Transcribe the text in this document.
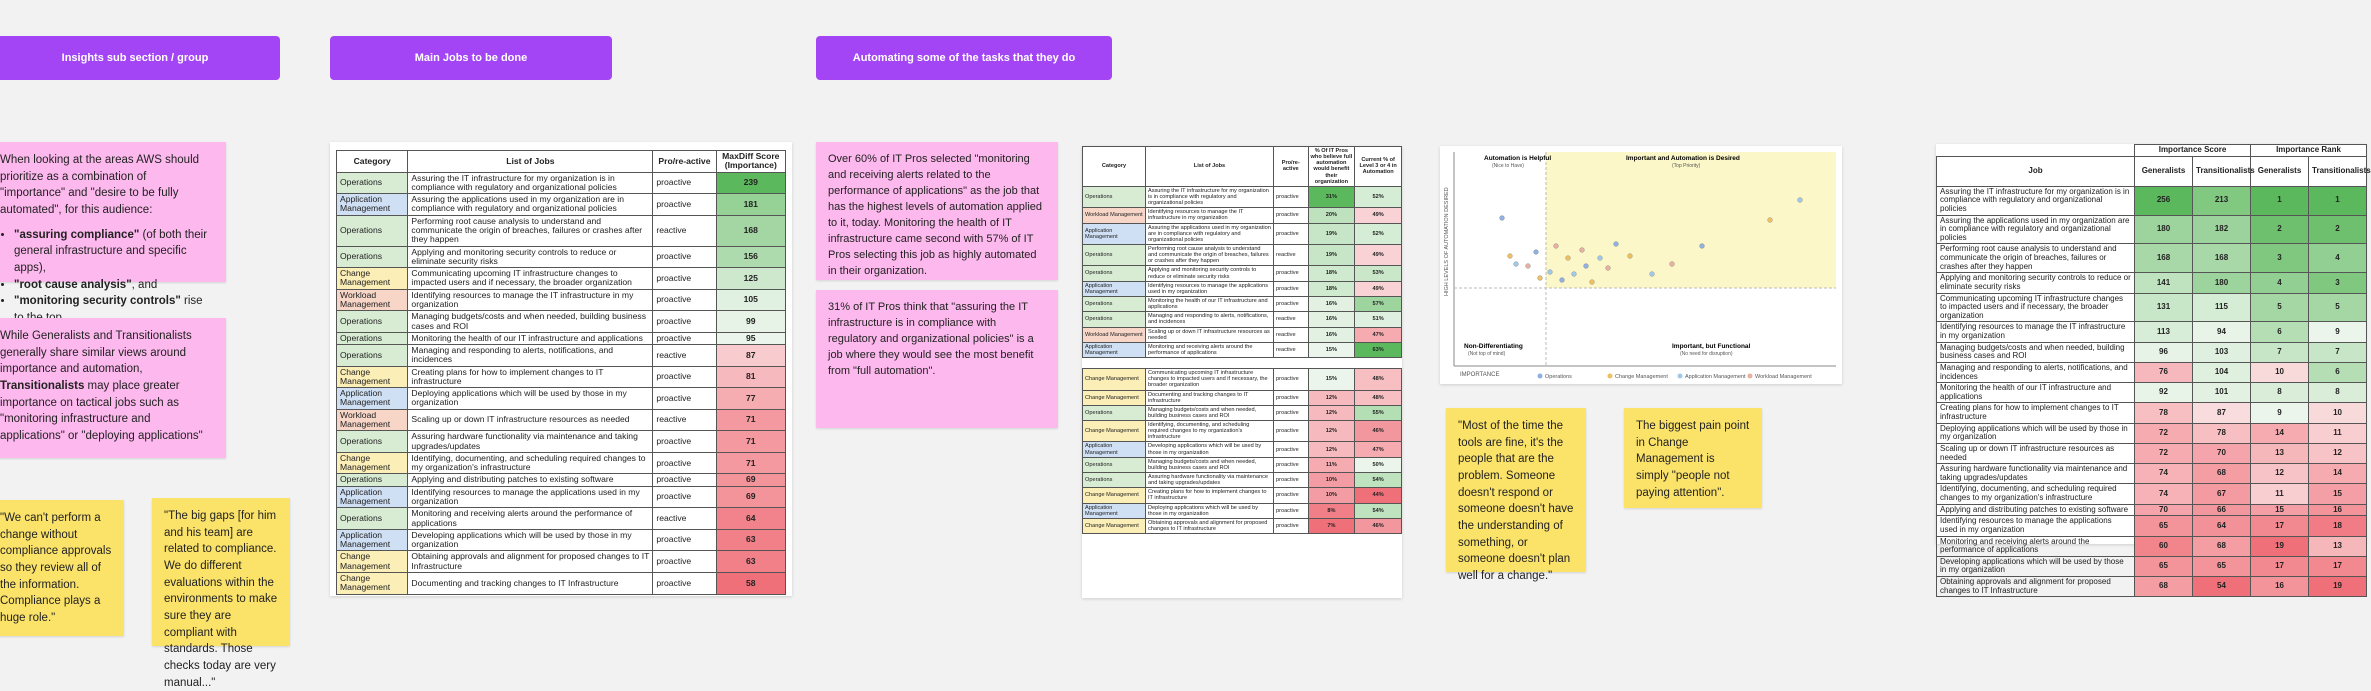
Insights sub section / group	Main Jobs to be done	Automating some of the tasks that they do

When looking at the areas AWS should prioritize as a combination of "importance" and "desire to be fully automated", for this audience:

• "assuring compliance" (of both their general infrastructure and specific apps),
• "root cause analysis", and
• "monitoring security controls" rise
While Generalists and Transitionalists generally share similar views around importance and automation, Transitionalists may place greater importance on tactical jobs such as "monitoring infrastructure and applications" or "deploying applications"
"We can't perform a change without compliance approvals so they review all of the information. Compliance plays a huge role."
"The big gaps [for him and his team] are related to compliance. We do different evaluations within the environments to make sure they are compliant with standards. Those checks today are very manual..."
Category	List of Jobs	Pro/re-active	MaxDiff Score (Importance)
Operations	Assuring the IT infrastructure for my organization is in compliance with regulatory and organizational policies	proactive	239
Application Management	Assuring the applications used in my organization are in compliance with regulatory and organizational policies	proactive	181
Operations	Performing root cause analysis to understand and communicate the origin of breaches, failures or crashes after they happen	reactive	168
Operations	Applying and monitoring security controls to reduce or eliminate security risks	proactive	156
Change Management	Communicating upcoming IT infrastructure changes to impacted users and if necessary, the broader organization	proactive	125
Workload Management	Identifying resources to manage the IT infrastructure in my organization	proactive	105
Operations	Managing budgets/costs and when needed, building business cases and ROI	proactive	99
Operations	Monitoring the health of our IT infrastructure and applications	proactive	95
Operations	Managing and responding to alerts, notifications, and incidences	reactive	87
Change Management	Creating plans for how to implement changes to IT infrastructure	proactive	81
Application Management	Deploying applications which will be used by those in my organization	proactive	77
Workload Management	Scaling up or down IT infrastructure resources as needed	reactive	71
Operations	Assuring hardware functionality via maintenance and taking upgrades/updates	proactive	71
Change Management	Identifying, documenting, and scheduling required changes to my organization's infrastructure	proactive	71
Operations	Applying and distributing patches to existing software	proactive	69
Application Management	Identifying resources to manage the applications used in my organization	proactive	69
Operations	Monitoring and receiving alerts around the performance of applications	reactive	64
Application Management	Developing applications which will be used by those in my organization	proactive	63
Change Management	Obtaining approvals and alignment for proposed changes to IT Infrastructure	proactive	63
Change Management	Documenting and tracking changes to IT Infrastructure	proactive	58
Over 60% of IT Pros selected "monitoring and receiving alerts related to the performance of applications" as the job that has the highest levels of automation applied to it, today. Monitoring the health of IT infrastructure came second with 57% of IT Pros selecting this job as highly automated in their organization.
31% of IT Pros think that "assuring the IT infrastructure is in compliance with regulatory and organizational policies" is a job where they would see the most benefit from "full automation".
Category	List of Jobs	Pro/re-active	% Of IT Pros who believe full automation would benefit their organization	Current % of Level 3 or 4 in Automation
Operations	Assuring the IT infrastructure for my organization is in compliance with regulatory and organizational policies	proactive	31%	52%
Workload Management	Identifying resources to manage the IT infrastructure in my organization	proactive	20%	49%
Application Management	Assuring the applications used in my organization are in compliance with regulatory and organizational policies	proactive	19%	52%
Operations	Performing root cause analysis to understand and communicate the origin of breaches, failures or crashes after they happen	reactive	19%	49%
Operations	Applying and monitoring security controls to reduce or eliminate security risks	proactive	18%	53%
Application Management	Identifying resources to manage the applications used in my organization	proactive	18%	49%
Operations	Monitoring the health of our IT infrastructure and applications	proactive	16%	57%
Operations	Managing and responding to alerts, notifications, and incidences	reactive	16%	51%
Workload Management	Scaling up or down IT infrastructure resources as needed	reactive	16%	47%
Application Management	Monitoring and receiving alerts around the performance of applications	reactive	15%	63%
Change Management	Communicating upcoming IT infrastructure changes to impacted users and if necessary, the broader organization	proactive	15%	48%
Change Management	Documenting and tracking changes to IT infrastructure	proactive	12%	48%
Operations	Managing budgets/costs and when needed, building business cases and ROI	proactive	12%	55%
Change Management	Identifying, documenting, and scheduling required changes to my organization's infrastructure	proactive	12%	46%
Application Management	Developing applications which will be used by those in my organization	proactive	12%	47%
Operations	Managing budgets/costs and when needed, building business cases and ROI	proactive	11%	50%
Operations	Assuring hardware functionality via maintenance and taking upgrades/updates	proactive	10%	54%
Change Management	Creating plans for how to implement changes to IT infrastructure	proactive	10%	44%
Application Management	Deploying applications which will be used by those in my organization	proactive	8%	54%
Change Management	Obtaining approvals and alignment for proposed changes to IT infrastructure	proactive	7%	46%
HIGH LEVELS OF AUTOMATION DESIRED
IMPORTANCE
Automation is Helpful
(Nice to Have)
Important and Automation is Desired
(Top Priority)
Non-Differentiating
(Not top of mind)
Important, but Functional
(No need for disruption)
Operations	Change Management	Application Management Workload Management
"Most of the time the tools are fine, it's the people that are the problem. Someone doesn't respond or someone doesn't have the understanding of something, or someone doesn't plan well for a change."
The biggest pain point in Change Management is simply "people not paying attention".
	Importance Score		Importance Rank	
Job	Generalists	Transitionalists	Generalists	Transitionalists
Assuring the IT infrastructure for my organization is in compliance with regulatory and organizational policies	256	213	1	1
Assuring the applications used in my organization are in compliance with regulatory and organizational policies	180	182	2	2
Performing root cause analysis to understand and communicate the origin of breaches, failures or crashes after they happen	168	168	3	4
Applying and monitoring security controls to reduce or eliminate security risks	141	180	4	3
Communicating upcoming IT infrastructure changes to impacted users and if necessary, the broader organization	131	115	5	5
Identifying resources to manage the IT infrastructure in my organization	113	94	6	9
Managing budgets/costs and when needed, building business cases and ROI	96	103	7	7
Managing and responding to alerts, notifications, and incidences	76	104	10	6
Monitoring the health of our IT infrastructure and applications	92	101	8	8
Creating plans for how to implement changes to IT infrastructure	78	87	9	10
Deploying applications which will be used by those in my organization	72	78	14	11
Scaling up or down IT infrastructure resources as needed	72	70	13	12
Assuring hardware functionality via maintenance and taking upgrades/updates	74	68	12	14
Identifying, documenting, and scheduling required changes to my organization's infrastructure	74	67	11	15
Applying and distributing patches to existing software	70	66	15	16
Identifying resources to manage the applications used in my organization	65	64	17	18
Monitoring and receiving alerts around the performance of applications	60	68	19	13
Developing applications which will be used by those in my organization	65	65	17	17
Obtaining approvals and alignment for proposed changes to IT Infrastructure	68	54	16	19
